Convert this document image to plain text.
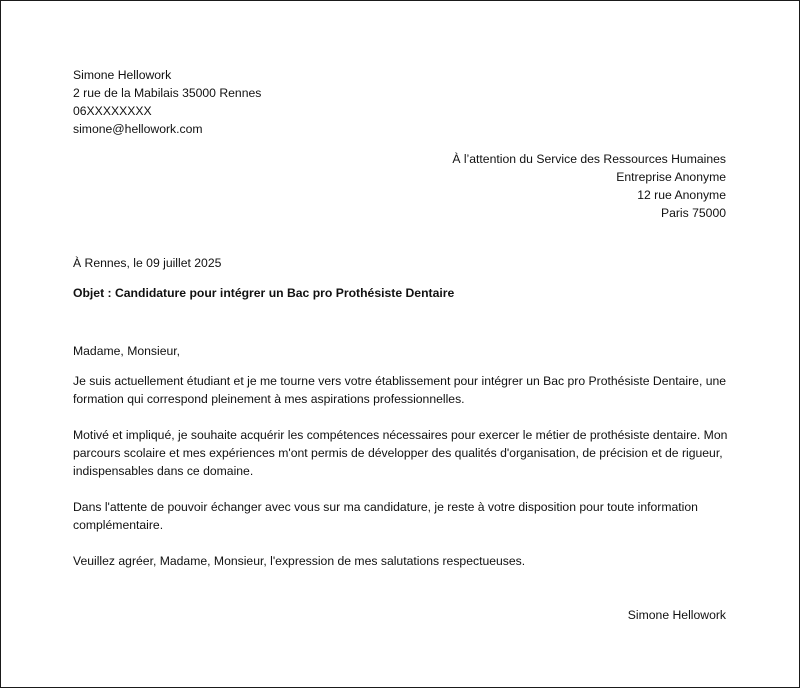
Simone Hellowork
2 rue de la Mabilais 35000 Rennes
06XXXXXXXX
simone@hellowork.com
À l’attention du Service des Ressources Humaines
Entreprise Anonyme
12 rue Anonyme
Paris 75000
À Rennes, le 09 juillet 2025
Objet : Candidature pour intégrer un Bac pro Prothésiste Dentaire
Madame, Monsieur,
Je suis actuellement étudiant et je me tourne vers votre établissement pour intégrer un Bac pro Prothésiste Dentaire, une formation qui correspond pleinement à mes aspirations professionnelles.
Motivé et impliqué, je souhaite acquérir les compétences nécessaires pour exercer le métier de prothésiste dentaire. Mon parcours scolaire et mes expériences m'ont permis de développer des qualités d'organisation, de précision et de rigueur, indispensables dans ce domaine.
Dans l'attente de pouvoir échanger avec vous sur ma candidature, je reste à votre disposition pour toute information complémentaire.
Veuillez agréer, Madame, Monsieur, l'expression de mes salutations respectueuses.
Simone Hellowork
